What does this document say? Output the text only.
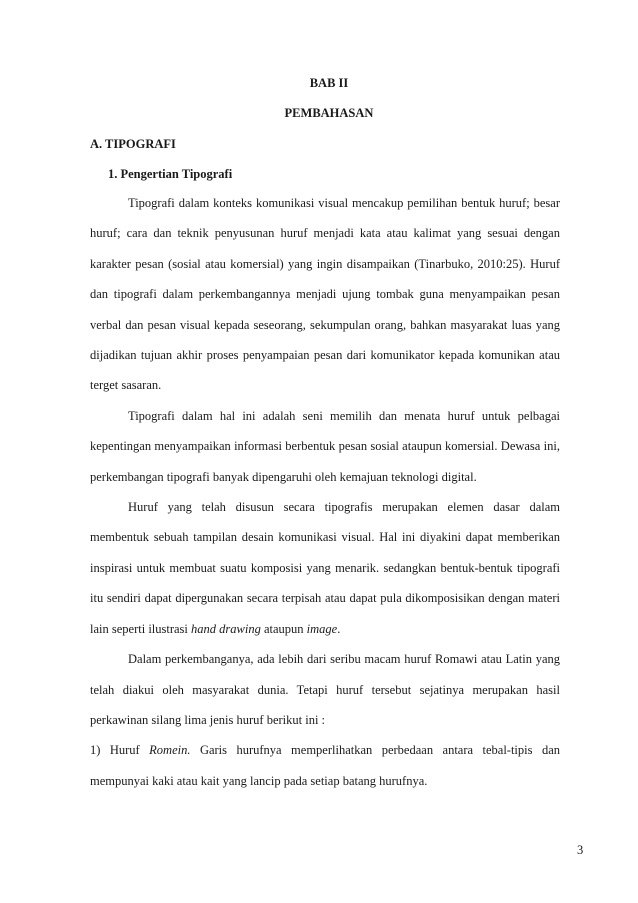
BAB II
PEMBAHASAN
A. TIPOGRAFI
1. Pengertian Tipografi

Tipografi dalam konteks komunikasi visual mencakup pemilihan bentuk huruf; besar huruf; cara dan teknik penyusunan huruf menjadi kata atau kalimat yang sesuai dengan karakter pesan (sosial atau komersial) yang ingin disampaikan (Tinarbuko, 2010:25). Huruf dan tipografi dalam perkembangannya menjadi ujung tombak guna menyampaikan pesan verbal dan pesan visual kepada seseorang, sekumpulan orang, bahkan masyarakat luas yang dijadikan tujuan akhir proses penyampaian pesan dari komunikator kepada komunikan atau terget sasaran.

Tipografi dalam hal ini adalah seni memilih dan menata huruf untuk pelbagai kepentingan menyampaikan informasi berbentuk pesan sosial ataupun komersial. Dewasa ini, perkembangan tipografi banyak dipengaruhi oleh kemajuan teknologi digital.

Huruf yang telah disusun secara tipografis merupakan elemen dasar dalam membentuk sebuah tampilan desain komunikasi visual. Hal ini diyakini dapat memberikan inspirasi untuk membuat suatu komposisi yang menarik. sedangkan bentuk-bentuk tipografi itu sendiri dapat dipergunakan secara terpisah atau dapat pula dikomposisikan dengan materi lain seperti ilustrasi hand drawing ataupun image.

Dalam perkembanganya, ada lebih dari seribu macam huruf Romawi atau Latin yang telah diakui oleh masyarakat dunia. Tetapi huruf tersebut sejatinya merupakan hasil perkawinan silang lima jenis huruf berikut ini :

1) Huruf Romein. Garis hurufnya memperlihatkan perbedaan antara tebal-tipis dan mempunyai kaki atau kait yang lancip pada setiap batang hurufnya.

3
